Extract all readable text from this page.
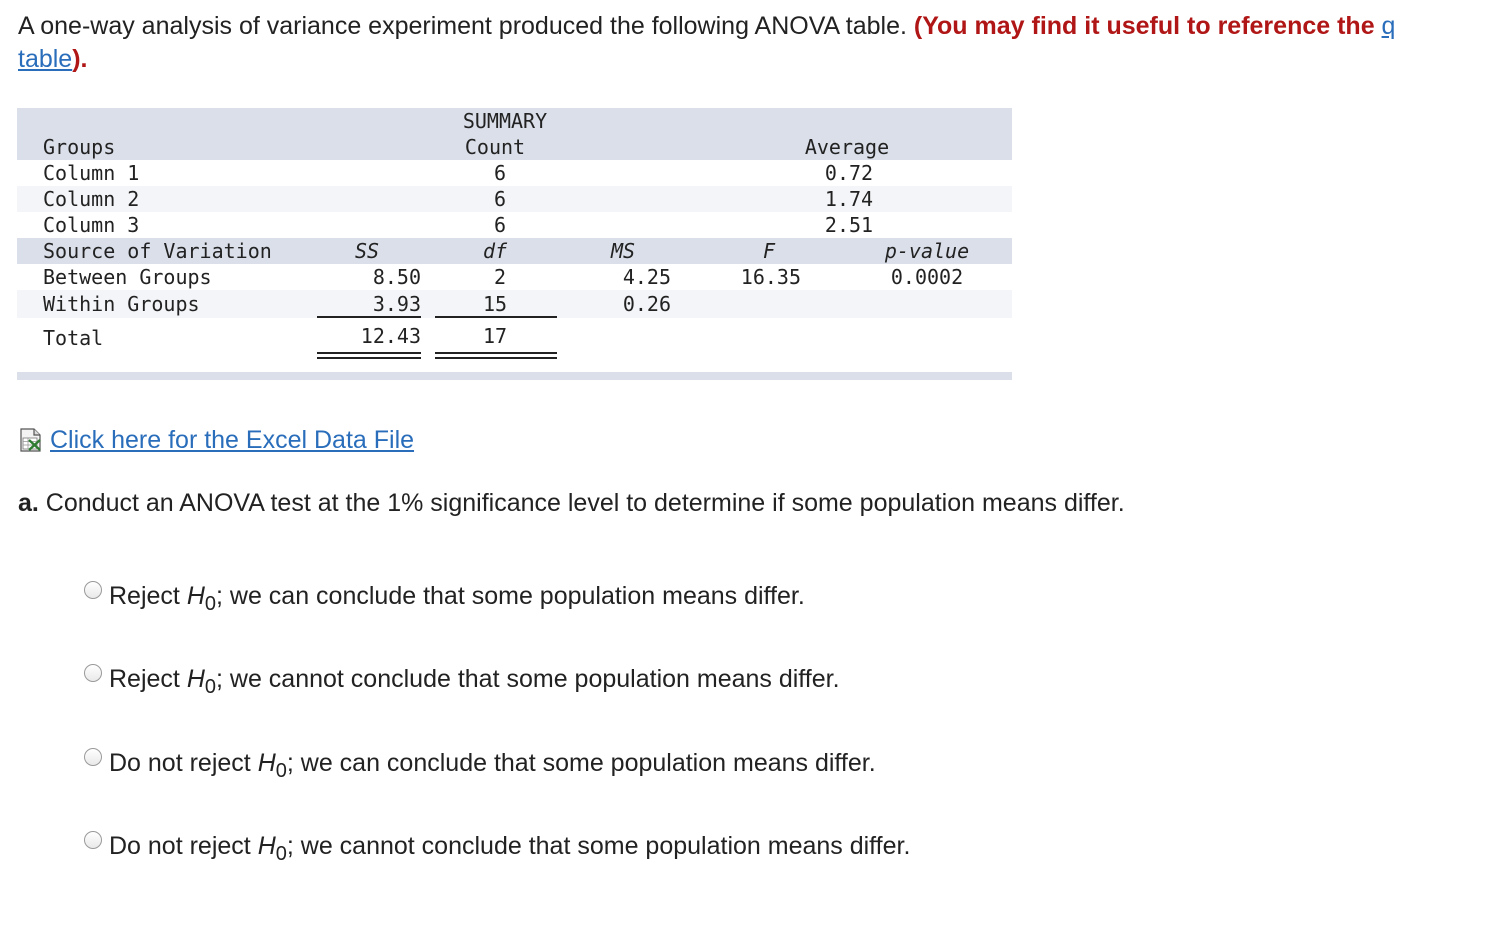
A one-way analysis of variance experiment produced the following ANOVA table. (You may find it useful to reference the q table).
SUMMARY
Groups	Count	Average
Column 1	6	0.72
Column 2	6	1.74
Column 3	6	2.51
Source of Variation	SS	df	MS	F	p-value
Between Groups	8.50	2	4.25	16.35	0.0002
Within Groups	3.93	15	0.26
Total	12.43	17
Click here for the Excel Data File
a. Conduct an ANOVA test at the 1% significance level to determine if some population means differ.
Reject $H_0$; we can conclude that some population means differ.
Reject $H_0$; we cannot conclude that some population means differ.
Do not reject $H_0$; we can conclude that some population means differ.
Do not reject $H_0$; we cannot conclude that some population means differ.
